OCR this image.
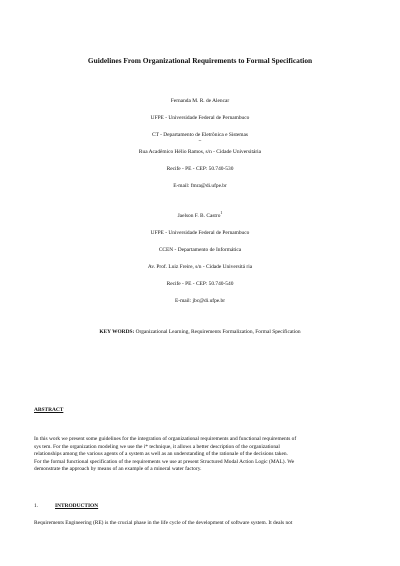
Guidelines From Organizational Requirements to Formal Specification
Fernanda M. R. de Alencar
UFPE - Universidade Federal de Pernambuco
CT - Departamento de Eletrônica e Sistemas
~
Rua Acadêmico Hélio Ramos, s/n - Cidade Universitária
Recife - PE - CEP: 50.740-530
E-mail: fmra@di.ufpe.br
Jaelson F. B. Castro$^1$
UFPE - Universidade Federal de Pernambuco
CCEN - Departamento de Informática
Av. Prof. Luiz Freire, s/n - Cidade Universitá ria
Recife - PE - CEP: 50.740-540
E-mail: jbc@di.ufpe.br
KEY WORDS: Organizational Learning, Requirements Formalization, Formal Specification
ABSTRACT
In this work we present some guidelines for the integration of organizational requirements and functional requirements of
sys tem. For the organization modeling we use the i* technique, it allows a better description of the organizational
relationships among the various agents of a system as well as an understanding of the rationale of the decisions taken.
For the formal functional specification of the requirements we use at present Structured Modal Action Logic (MAL). We
demonstrate the approach by means of an example of a mineral water factory.
1.	INTRODUCTION
Requirements Engineering (RE) is the crucial phase in the life cycle of the development of software system. It deals not
